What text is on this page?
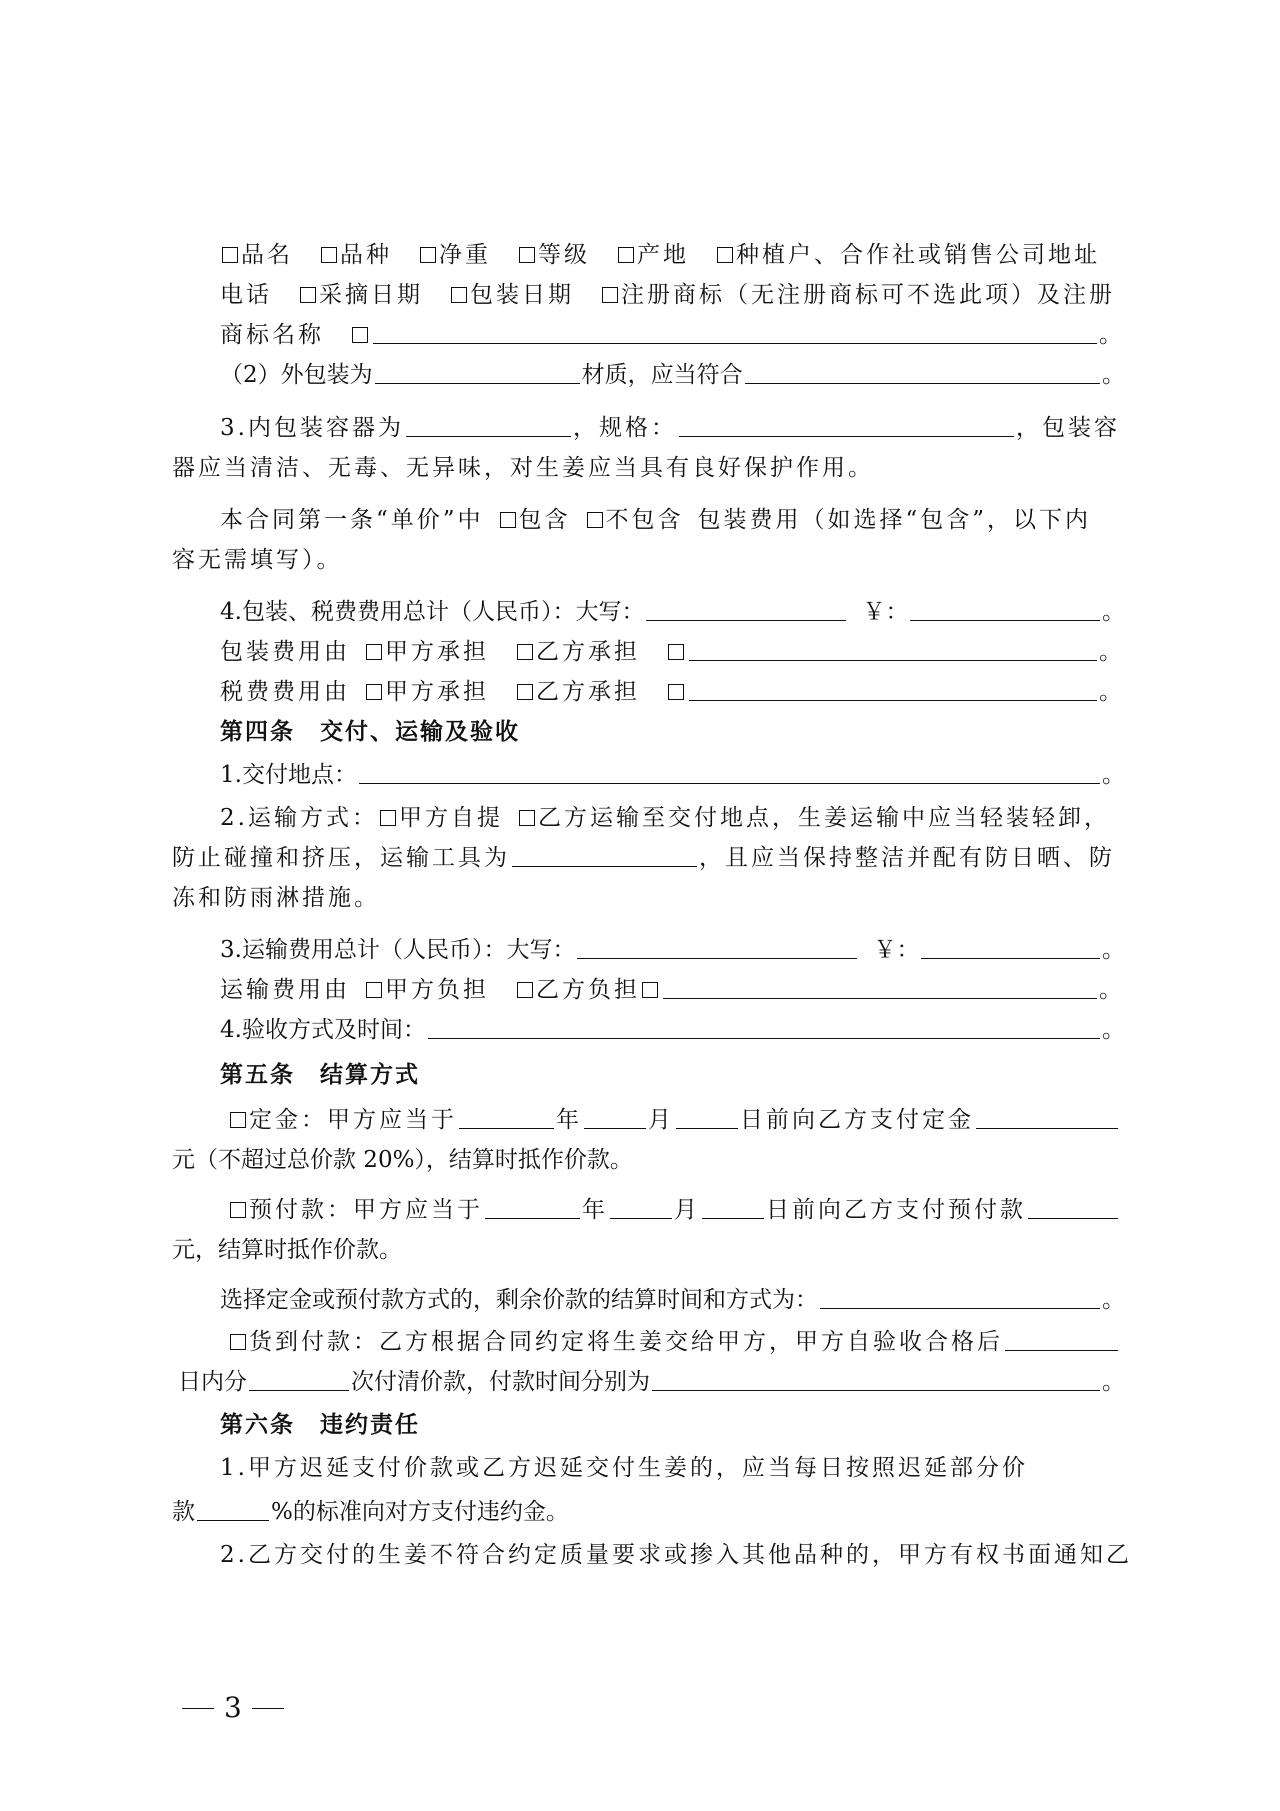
品名 品种 净重 等级 产地 种植户、合作社或销售公司地址
电话 采摘日期 包装日期 注册商标（无注册商标可不选此项）及注册
商标名称	。
（2）外包装为	材质，应当符合	。
3.内包装容器为	，规格：	，包装容
器应当清洁、无毒、无异味，对生姜应当具有良好保护作用。
本合同第一条“单价”中 包含 不包含 包装费用（如选择“包含”，以下内
容无需填写）。
4.包装、税费费用总计（人民币）：大写：	￥：	。
包装费用由 甲方承担 乙方承担	。
税费费用由 甲方承担 乙方承担	。
第四条　交付、运输及验收
1.交付地点：	。
2.运输方式： 甲方自提 乙方运输至交付地点，生姜运输中应当轻装轻卸，
防止碰撞和挤压，运输工具为	，且应当保持整洁并配有防日晒、防
冻和防雨淋措施。
3.运输费用总计（人民币）：大写：	￥：	。
运输费用由 甲方负担 乙方负担	。
4.验收方式及时间：	。
第五条　结算方式
定金：甲方应当于	年	月	日前向乙方支付定金
元（不超过总价款 20%），结算时抵作价款。
预付款：甲方应当于	年	月	日前向乙方支付预付款
元，结算时抵作价款。
选择定金或预付款方式的，剩余价款的结算时间和方式为：	。
货到付款：乙方根据合同约定将生姜交给甲方，甲方自验收合格后
日内分	次付清价款，付款时间分别为	。
第六条　违约责任
1.甲方迟延支付价款或乙方迟延交付生姜的，应当每日按照迟延部分价
款	%的标准向对方支付违约金。
2.乙方交付的生姜不符合约定质量要求或掺入其他品种的，甲方有权书面通知乙
3
